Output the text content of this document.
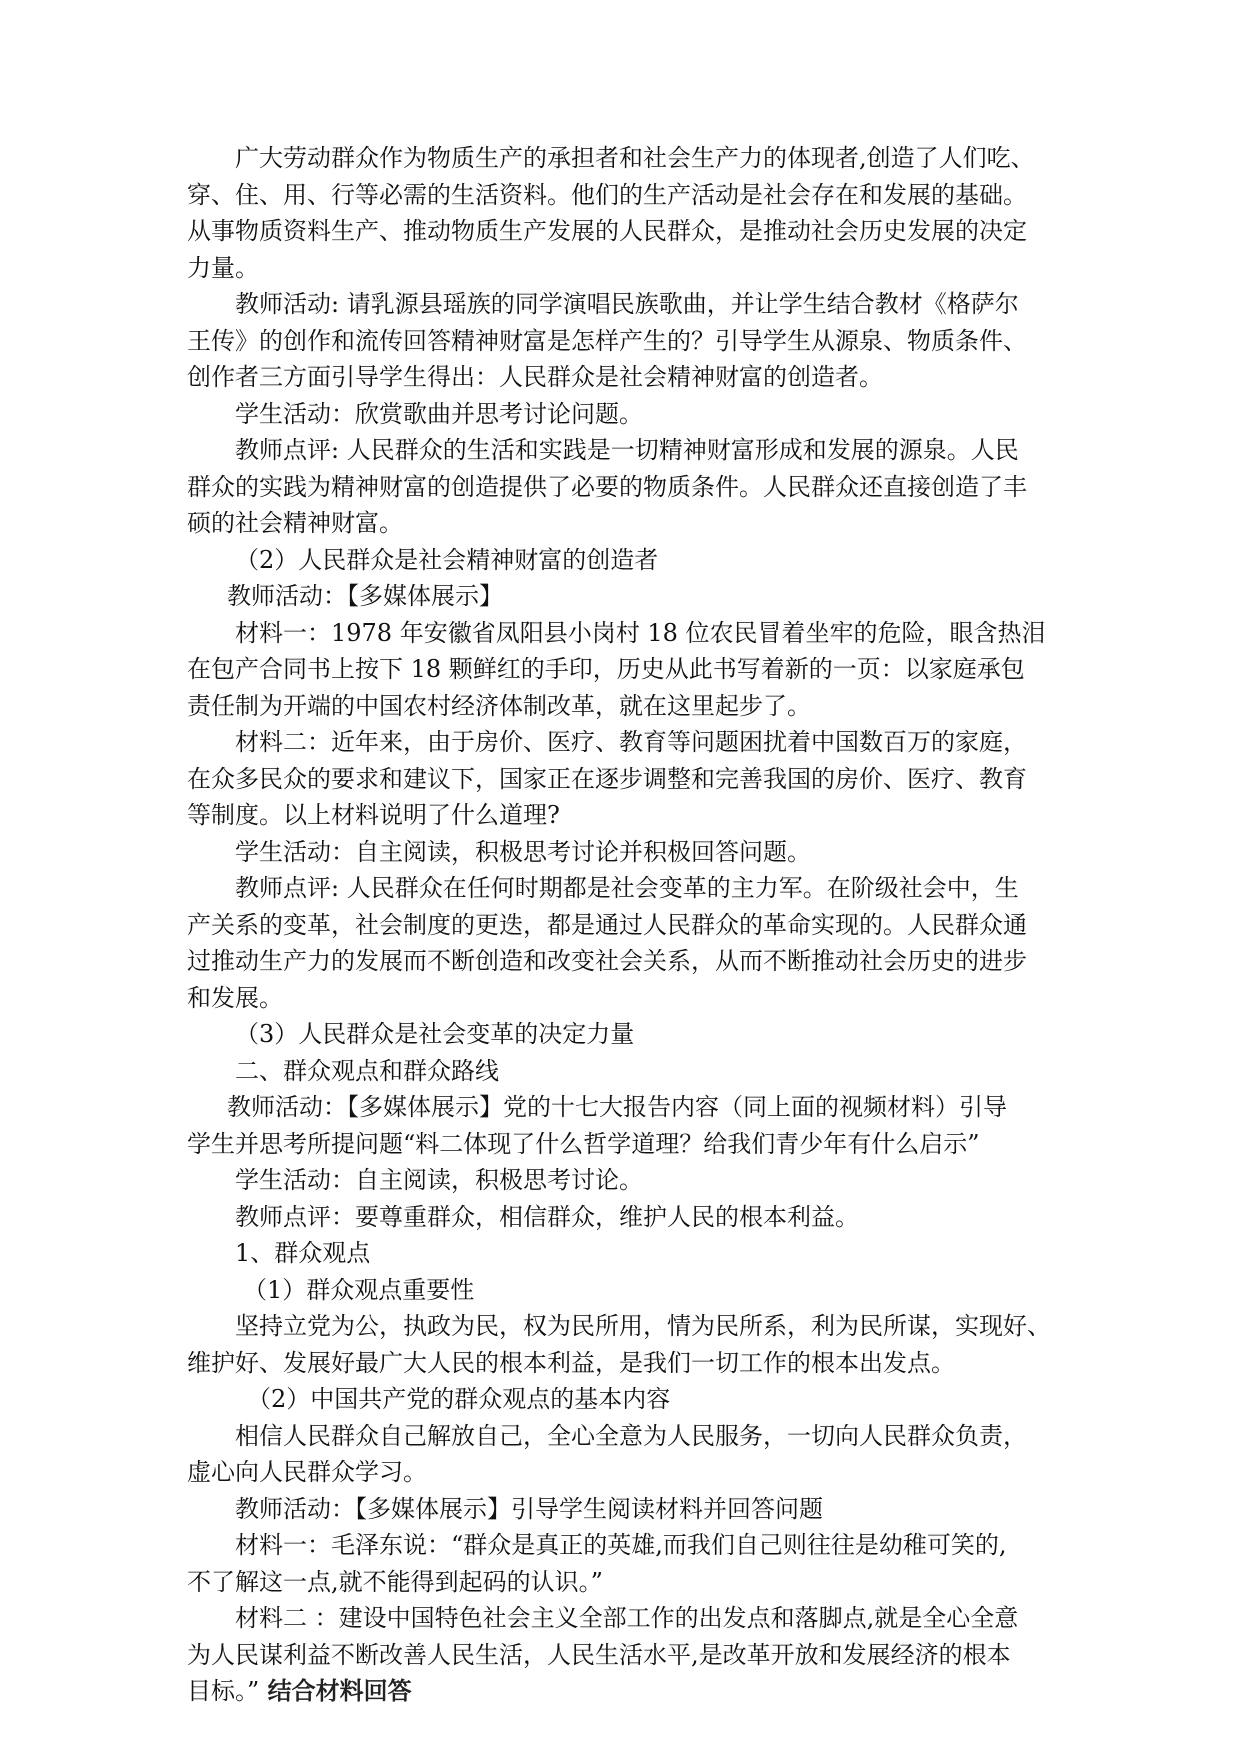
广大劳动群众作为物质生产的承担者和社会生产力的体现者,创造了人们吃、
穿、住、用、行等必需的生活资料。他们的生产活动是社会存在和发展的基础。
从事物质资料生产、推动物质生产发展的人民群众，是推动社会历史发展的决定
力量。
教师活动: 请乳源县瑶族的同学演唱民族歌曲，并让学生结合教材《格萨尔
王传》的创作和流传回答精神财富是怎样产生的？引导学生从源泉、物质条件、
创作者三方面引导学生得出：人民群众是社会精神财富的创造者。
学生活动：欣赏歌曲并思考讨论问题。
教师点评: 人民群众的生活和实践是一切精神财富形成和发展的源泉。人民
群众的实践为精神财富的创造提供了必要的物质条件。人民群众还直接创造了丰
硕的社会精神财富。
（2）人民群众是社会精神财富的创造者
教师活动：【多媒体展示】
材料一：1978 年安徽省凤阳县小岗村 18 位农民冒着坐牢的危险，眼含热泪
在包产合同书上按下 18 颗鲜红的手印，历史从此书写着新的一页：以家庭承包
责任制为开端的中国农村经济体制改革，就在这里起步了。
材料二：近年来，由于房价、医疗、教育等问题困扰着中国数百万的家庭，
在众多民众的要求和建议下，国家正在逐步调整和完善我国的房价、医疗、教育
等制度。以上材料说明了什么道理?
学生活动：自主阅读，积极思考讨论并积极回答问题。
教师点评: 人民群众在任何时期都是社会变革的主力军。在阶级社会中，生
产关系的变革，社会制度的更迭，都是通过人民群众的革命实现的。人民群众通
过推动生产力的发展而不断创造和改变社会关系，从而不断推动社会历史的进步
和发展。
（3）人民群众是社会变革的决定力量
二、群众观点和群众路线
教师活动：【多媒体展示】党的十七大报告内容（同上面的视频材料）引导
学生并思考所提问题“料二体现了什么哲学道理？给我们青少年有什么启示”
学生活动：自主阅读，积极思考讨论。
教师点评：要尊重群众，相信群众，维护人民的根本利益。
1、群众观点
（1）群众观点重要性
坚持立党为公，执政为民，权为民所用，情为民所系，利为民所谋，实现好、
维护好、发展好最广大人民的根本利益，是我们一切工作的根本出发点。
（2）中国共产党的群众观点的基本内容
相信人民群众自己解放自己，全心全意为人民服务，一切向人民群众负责，
虚心向人民群众学习。
教师活动：【多媒体展示】引导学生阅读材料并回答问题
材料一：毛泽东说：“群众是真正的英雄,而我们自己则往往是幼稚可笑的,
不了解这一点,就不能得到起码的认识。”
材料二 ：建设中国特色社会主义全部工作的出发点和落脚点,就是全心全意
为人民谋利益不断改善人民生活，人民生活水平,是改革开放和发展经济的根本
目标。” 结合材料回答
